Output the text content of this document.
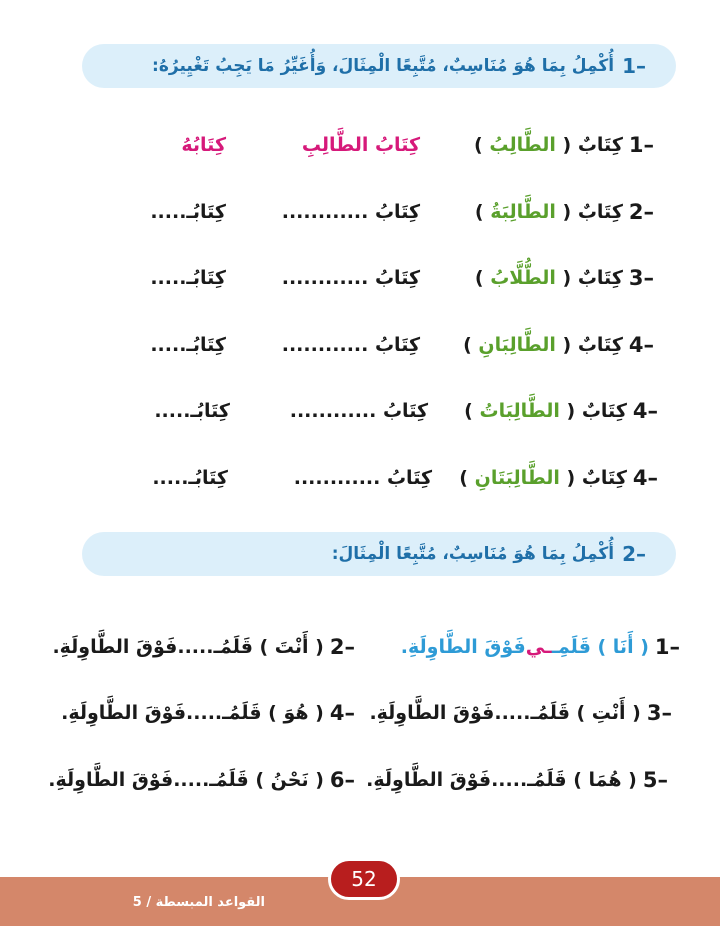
1–
أُكْمِلُ بِمَا هُوَ مُنَاسِبٌ، مُتَّبِعًا الْمِثَالَ، وَأُغَيِّرُ مَا يَجِبُ تَغْيِيرُهُ:
1–
كِتَابٌ (

الطَّالِبُ

)
كِتَابُ الطَّالِبِ
كِتَابُهُ
2–
كِتَابٌ (

الطَّالِبَةُ

)
كِتَابُ ............
كِتَابُـ.....
3–
كِتَابٌ (

الطُّلَّابُ

)
كِتَابُ ............
كِتَابُـ.....
4–
كِتَابٌ (

الطَّالِبَانِ

)
كِتَابُ ............
كِتَابُـ.....
4–
كِتَابٌ (

الطَّالِبَاتُ

)
كِتَابُ ............
كِتَابُـ.....
4–
كِتَابٌ (

الطَّالِبَتَانِ

)
كِتَابُ ............
كِتَابُـ.....
2–
أُكْمِلُ بِمَا هُوَ مُنَاسِبٌ، مُتَّبِعًا الْمِثَالَ:
1–
( أَنَا ) قَلَمِـ
ـي
فَوْقَ الطَّاوِلَةِ.
2–
( أَنْتَ ) قَلَمُـ.....
فَوْقَ الطَّاوِلَةِ.
3–
( أَنْتِ ) قَلَمُـ.....
فَوْقَ الطَّاوِلَةِ.
4–
( هُوَ ) قَلَمُـ.....
فَوْقَ الطَّاوِلَةِ.
5–
( هُمَا ) قَلَمُـ.....
فَوْقَ الطَّاوِلَةِ.
6–
( نَحْنُ ) قَلَمُـ.....
فَوْقَ الطَّاوِلَةِ.
القواعد المبسطة / 5
52
